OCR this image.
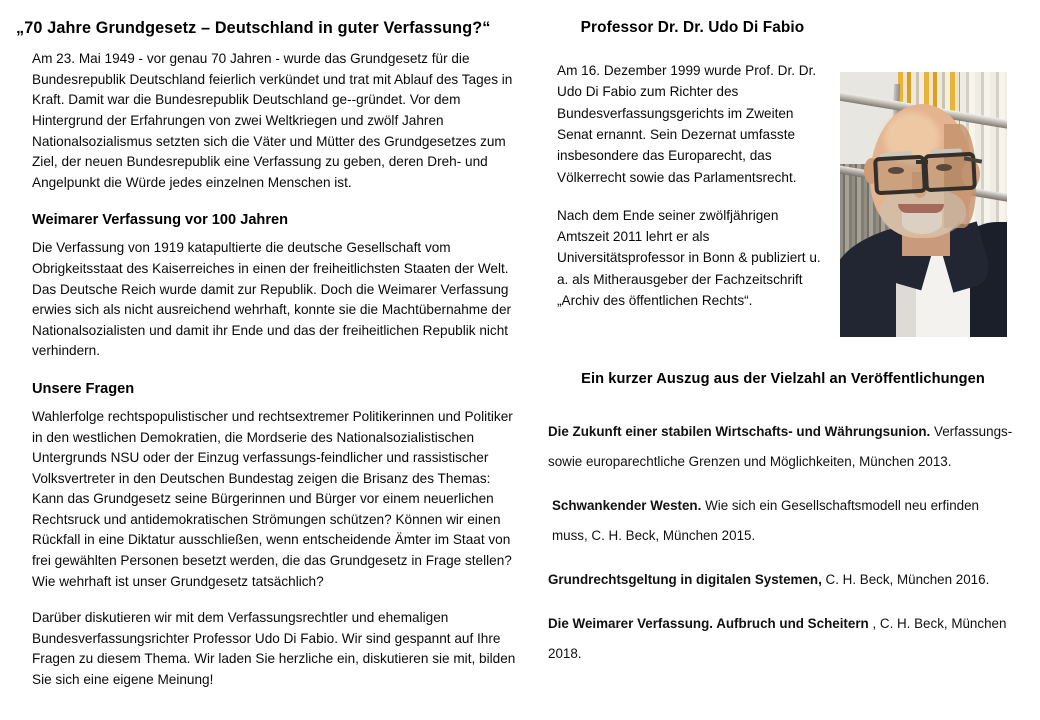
„70 Jahre Grundgesetz – Deutschland in guter Verfassung?“

Am 23. Mai 1949 - vor genau 70 Jahren - wurde das Grundgesetz für die Bundesrepublik Deutschland feierlich verkündet und trat mit Ablauf des Tages in Kraft. Damit war die Bundesrepublik Deutschland ge--gründet. Vor dem Hintergrund der Erfahrungen von zwei Weltkriegen und zwölf Jahren Nationalsozialismus setzten sich die Väter und Mütter des Grundgesetzes zum Ziel, der neuen Bundesrepublik eine Verfassung zu geben, deren Dreh- und Angelpunkt die Würde jedes einzelnen Menschen ist.

Weimarer Verfassung vor 100 Jahren

Die Verfassung von 1919 katapultierte die deutsche Gesellschaft vom Obrigkeitsstaat des Kaiserreiches in einen der freiheitlichsten Staaten der Welt. Das Deutsche Reich wurde damit zur Republik. Doch die Weimarer Verfassung erwies sich als nicht ausreichend wehrhaft, konnte sie die Machtübernahme der Nationalsozialisten und damit ihr Ende und das der freiheitlichen Republik nicht verhindern.

Unsere Fragen

Wahlerfolge rechtspopulistischer und rechtsextremer Politikerinnen und Politiker in den westlichen Demokratien, die Mordserie des Nationalsozialistischen Untergrunds NSU oder der Einzug verfassungs-feindlicher und rassistischer Volksvertreter in den Deutschen Bundestag zeigen die Brisanz des Themas: Kann das Grundgesetz seine Bürgerinnen und Bürger vor einem neuerlichen Rechtsruck und antidemokratischen Strömungen schützen? Können wir einen Rückfall in eine Diktatur ausschließen, wenn entscheidende Ämter im Staat von frei gewählten Personen besetzt werden, die das Grundgesetz in Frage stellen? Wie wehrhaft ist unser Grundgesetz tatsächlich?

Darüber diskutieren wir mit dem Verfassungsrechtler und ehemaligen Bundesverfassungsrichter Professor Udo Di Fabio. Wir sind gespannt auf Ihre Fragen zu diesem Thema. Wir laden Sie herzliche ein, diskutieren sie mit, bilden Sie sich eine eigene Meinung!

Professor Dr. Dr. Udo Di Fabio

Am 16. Dezember 1999 wurde Prof. Dr. Dr. Udo Di Fabio zum Richter des Bundesverfassungsgerichts im Zweiten Senat ernannt. Sein Dezernat umfasste insbesondere das Europarecht, das Völkerrecht sowie das Parlamentsrecht.

Nach dem Ende seiner zwölfjährigen Amtszeit 2011 lehrt er als Universitätsprofessor in Bonn & publiziert u. a. als Mitherausgeber der Fachzeitschrift „Archiv des öffentlichen Rechts“.

Ein kurzer Auszug aus der Vielzahl an Veröffentlichungen

Die Zukunft einer stabilen Wirtschafts- und Währungsunion. Verfassungs- sowie europarechtliche Grenzen und Möglichkeiten, München 2013.

Schwankender Westen. Wie sich ein Gesellschaftsmodell neu erfinden muss, C. H. Beck, München 2015.

Grundrechtsgeltung in digitalen Systemen, C. H. Beck, München 2016.

Die Weimarer Verfassung. Aufbruch und Scheitern , C. H. Beck, München 2018.
